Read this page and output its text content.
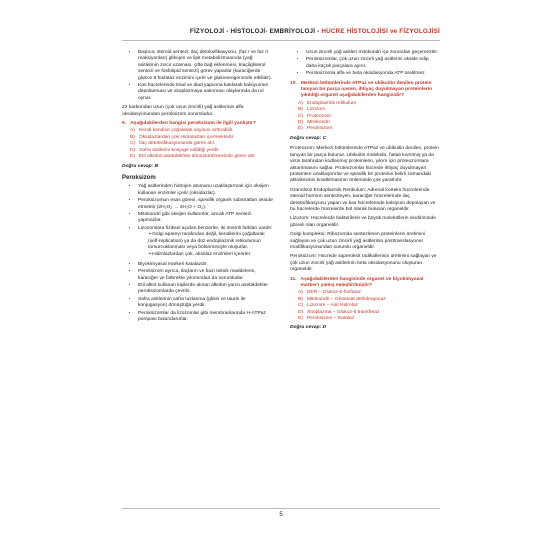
FİZYOLOJİ - HİSTOLOJİ- EMBRİYOLOJİ - HÜCRE HİSTOLOJİSİ ve FİZYOLOJİSİ
• Başlıca; steroid sentezi, ilaç detoksifikasyonu, (faz I ve faz II reaksiyonları) glikojen ve lipit metabolizmasında (yağ asitlerinin zincir uzaması, çifte bağ eklenmesi, triaçilgliserol sentezi ve fosfolipid sentezi) görev yaparlar (karaciğerde glukoz 6 fosfataz enzimini içerir ve glukoneogenezde etkilidir).
• Kas hücrelerinde triad ve diad yapısına katılarak kalsiyumun depolanması ve sitoplazmaya salınması olaylarında da rol oynar.

22 karbondan uzun (çok uzun zincirli) yağ asitlerinin alfa oksidasyonundan peroksizom sorumludur.

9. Aşağıdakilerden hangisi peroksizom ile ilgili yanlıştır?
A) Kendi kendine çoğalarak sayısını arttırabilir.
B) Oksidazlardan çok Hidrolazları içermektedir.
C) İlaç detoksifikasyonunda görev alır.
D) Safra asitlerini konjuge edildiği yerdir.
E) Etil alkolün asetaldehite dönüştürülmesinde görev alır.
Doğru cevap: B
Peroksizom
• Yağ asitlerinden hidrojen atomunu uzaklaştırmak için oksijen kullanan enzimler içerir (oksidazlar).
• Peroksizomun esas görevi, spesifik organik substratları okside etmektir (2H₂O₂ → 2H₂O + O₂).
• Mitokondri gibi oksijen kullanırlar, ancak ATP sentezi yapmazlar.
• Lizozomlara fiziksel açıdan benzerler, iki önemli farkları vardır:
➢ Golgi apareyi tarafından değil, kendilerini çoğaltarak (self-replication) ya da düz endoplazmik retikulumun tomurcuklanması veya bölünmesiyle oluşurlar.
➢ Hidrolazlardan çok, oksidaz enzimleri içerirler.
• Biyokimyasal markeri katalazdır.
• Peroksizom ayrıca, ilaçların ve bazı toksik maddelerin, karaciğer ve böbrekte yıkımından da sorumludur.
• Etil alkol kullanan kişilerde alınan alkolün yarısı asetaldehite peroksizomlarda çevrilir.
• Safra asitlerinin safra tuzlanma (glisin ve taurin ile konjugasyon) dönüştüğü yerdir.
• Peroksizomlar da lizozomlar gibi membranlarında H-ATPaz pompası bulundururlar.
• Uzun zincirli yağ asitleri mitokondri içe zorundan geçemezler.
• Peroksizomlar, çok uzun zincirli yağ asitlerini okside edip daha küçük parçalara ayırır.
• Peroksizomla alfa ve beta oksidasyonda ATP üretilmez.
10. Merkezi bölümlerinde ATPaz ve ubikuitin denilen protein tanıyan bir parça içeren, ihtiyaç duyulmayan proteinlerin yıkıldığı organel aşağıdakilerden hangisidir?
A) Endoplazmik retikulum
B) Lizozom
C) Proteozom
D) Mitokondri
E) Peroksizom
Doğru cevap: C

Proteozom: Merkezi bölümlerinde ATPaz ve ubikuitin denilen, protein tanıyan bir parça bulunur. Ubikuitin molekülü, hatalı kıvrılmış ya da virüs tarafından kodlanmış proteinlerin, yıkım için proteozomlara aktarılmasını sağlar. Proteozomlar hücrede ihtiyaç duyulmayan proteinleri uzaklaştırırlar ve spesifik bir proteinin belirli zamandaki aktivitesinin kısaltılmasının önleminde çok yararlıdır.

Granülsüz Endoplazmik Retikulum: Adrenal korteks hücrelerinde steroid hormon sentezleyen, karaciğer hücrelerinde ilaç detoksifikasyonu yapan ve kas hücrelerinde kalsiyum depolayan ve bu hücrelerde hücrelerde bol olarak bulunan organeldir.

Lizozom: Hücrelerde bakterilerin ve büyük moleküllerin sindiriminde görevli olan organeldir.

Golgi kompleksi: Ribozomda sentezlenen proteinlerin üretimini sağlayan ve çok uzun zincirli yağ asitlerinin posttranslasyonel modifikasyonundan sorumlu organeldir.

Peroksizom: Hücrede süperoksit radikallerinin üretimini sağlayan ve çok uzun zincirli yağ asitlerinin beta oksidasyonunu oluşturan organeldir.

11. Aşağıdakilerden hangisinde organel ve biyokimyasal marker'ı yanlış eşleştirilmiştir?
A) DER – Glukoz-6-fosfataz
B) Mitokondri – Glutamat dehidrogenaz
C) Lizozom – Asit Hidrolaz
D) Sitoplazma – Glukoz-6 transferaz
E) Peroksizom – Katalaz
Doğru cevap: D
5
